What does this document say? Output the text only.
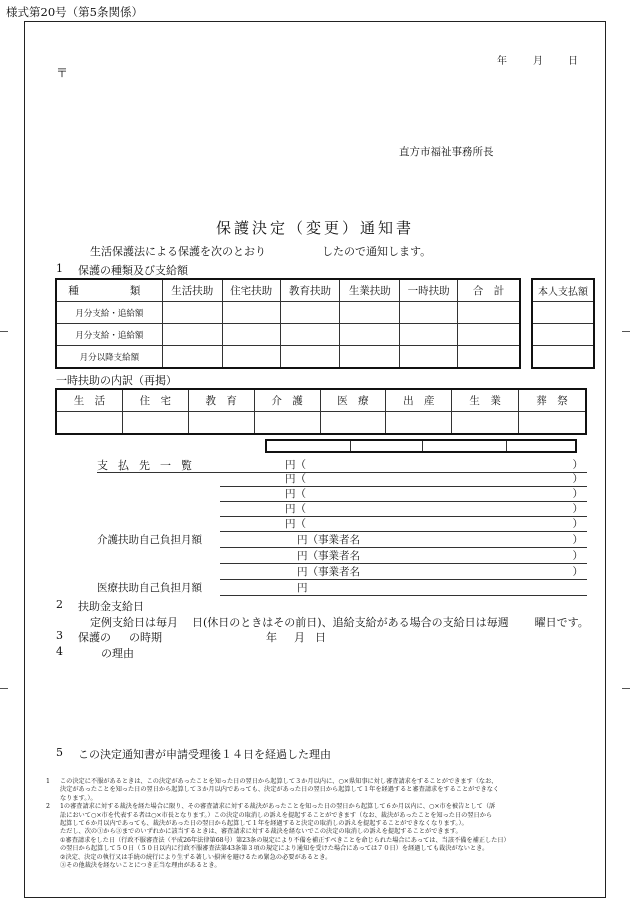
様式第20号（第5条関係）
年	月	日
〒
直方市福祉事務所長
保護決定（変更）通知書
生活保護法による保護を次のとおり	したので通知します。
1 保護の種類及び支給額
種　　類	生活扶助	住宅扶助	教育扶助	生業扶助	一時扶助	合　計
月分支給・追給額						
月分支給・追給額						
月分以降支給額						
本人支払額

一時扶助の内訳（再掲）
生　活	住　宅	教　育	介　護	医　療	出　産	生　業	葬　祭

支払先一覧	円（	）
円（	）
円（	）
円（	）
円（	）
介護扶助自己負担月額	円（事業者名	）
円（事業者名	）
円（事業者名	）
医療扶助自己負担月額	円
2 扶助金支給日
定例支給日は毎月 日(休日のときはその前日)、追給支給がある場合の支給日は毎週 曜日です。
3 保護の の時期	年 月 日
4	の理由
5 この決定通知書が申請受理後１４日を経過した理由

1 この決定に不服があるときは、この決定があったことを知った日の翌日から起算して３か月以内に、○×県知事に対し審査請求をすることができます（なお、
決定があったことを知った日の翌日から起算して３か月以内であっても、決定があった日の翌日から起算して１年を経過すると審査請求をすることができなく
なります。）。

2 1の審査請求に対する裁決を経た場合に限り、その審査請求に対する裁決があったことを知った日の翌日から起算して６か月以内に、○×市を被告として（訴
訟において○×市を代表する者は○×市長となります。）この決定の取消しの訴えを提起することができます（なお、裁決があったことを知った日の翌日から
起算して６か月以内であっても、裁決があった日の翌日から起算して１年を経過すると決定の取消しの訴えを提起することができなくなります。）。
ただし、次の①から③までのいずれかに該当するときは、審査請求に対する裁決を経ないでこの決定の取消しの訴えを提起することができます。
①審査請求をした日（行政不服審査法（平成26年法律第68号）第23条の規定により不備を補正すべきことを命じられた場合にあっては、当該不備を補正した日）
の翌日から起算して５０日（５０日以内に行政不服審査法第43条第３項の規定により通知を受けた場合にあっては７０日）を経過しても裁決がないとき。
②決定、決定の執行又は手続の続行により生ずる著しい損害を避けるため緊急の必要があるとき。
③その他裁決を経ないことにつき正当な理由があるとき。
